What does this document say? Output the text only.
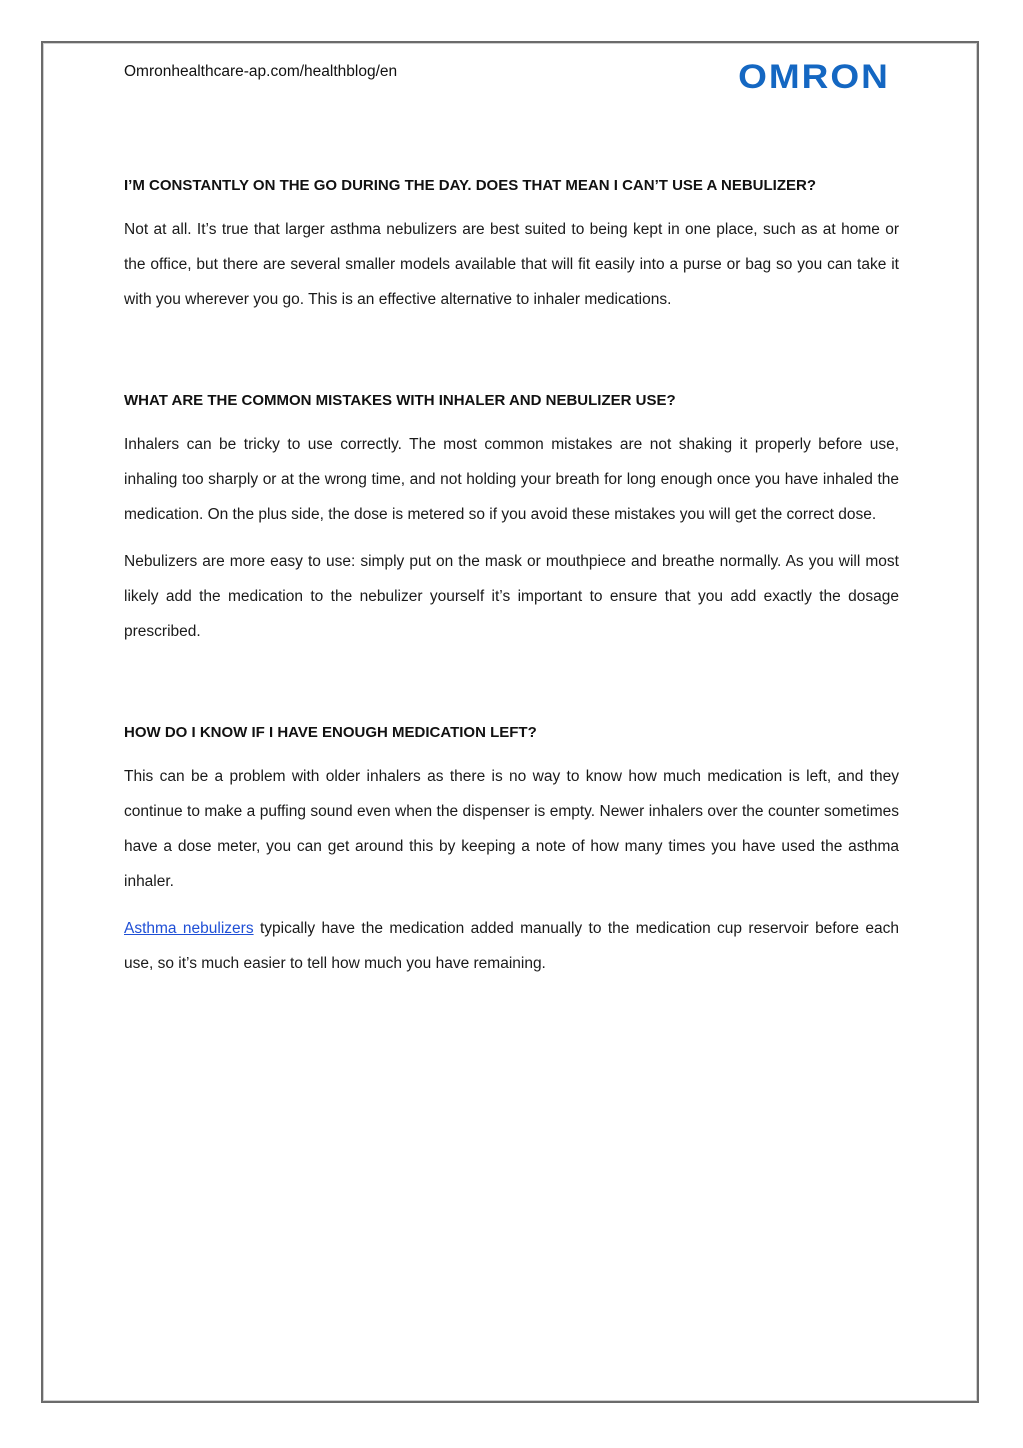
Omronhealthcare-ap.com/healthblog/en	OMRON
I’M CONSTANTLY ON THE GO DURING THE DAY. DOES THAT MEAN I CAN’T USE A NEBULIZER?

Not at all. It’s true that larger asthma nebulizers are best suited to being kept in one place, such as at home or the office, but there are several smaller models available that will fit easily into a purse or bag so you can take it with you wherever you go. This is an effective alternative to inhaler medications.

WHAT ARE THE COMMON MISTAKES WITH INHALER AND NEBULIZER USE?

Inhalers can be tricky to use correctly. The most common mistakes are not shaking it properly before use, inhaling too sharply or at the wrong time, and not holding your breath for long enough once you have inhaled the medication. On the plus side, the dose is metered so if you avoid these mistakes you will get the correct dose.

Nebulizers are more easy to use: simply put on the mask or mouthpiece and breathe normally. As you will most likely add the medication to the nebulizer yourself it’s important to ensure that you add exactly the dosage prescribed.

HOW DO I KNOW IF I HAVE ENOUGH MEDICATION LEFT?

This can be a problem with older inhalers as there is no way to know how much medication is left, and they continue to make a puffing sound even when the dispenser is empty. Newer inhalers over the counter sometimes have a dose meter, you can get around this by keeping a note of how many times you have used the asthma inhaler.

Asthma nebulizers typically have the medication added manually to the medication cup reservoir before each use, so it’s much easier to tell how much you have remaining.
